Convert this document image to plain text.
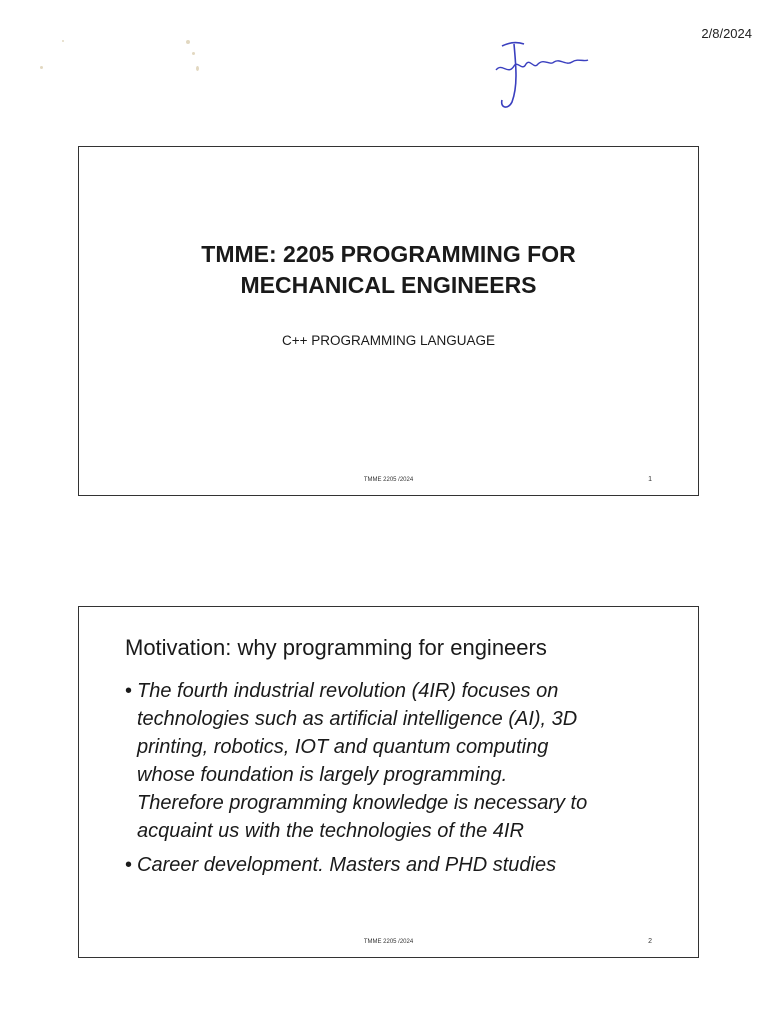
2/8/2024
TMME: 2205 PROGRAMMING FOR
MECHANICAL ENGINEERS
C++ PROGRAMMING LANGUAGE
TMME 2205 /2024	1
Motivation: why programming for engineers
• The fourth industrial revolution (4IR) focuses on
technologies such as artificial intelligence (AI), 3D
printing, robotics, IOT and quantum computing
whose foundation is largely programming.
Therefore programming knowledge is necessary to
acquaint us with the technologies of the 4IR
• Career development. Masters and PHD studies
TMME 2205 /2024	2
